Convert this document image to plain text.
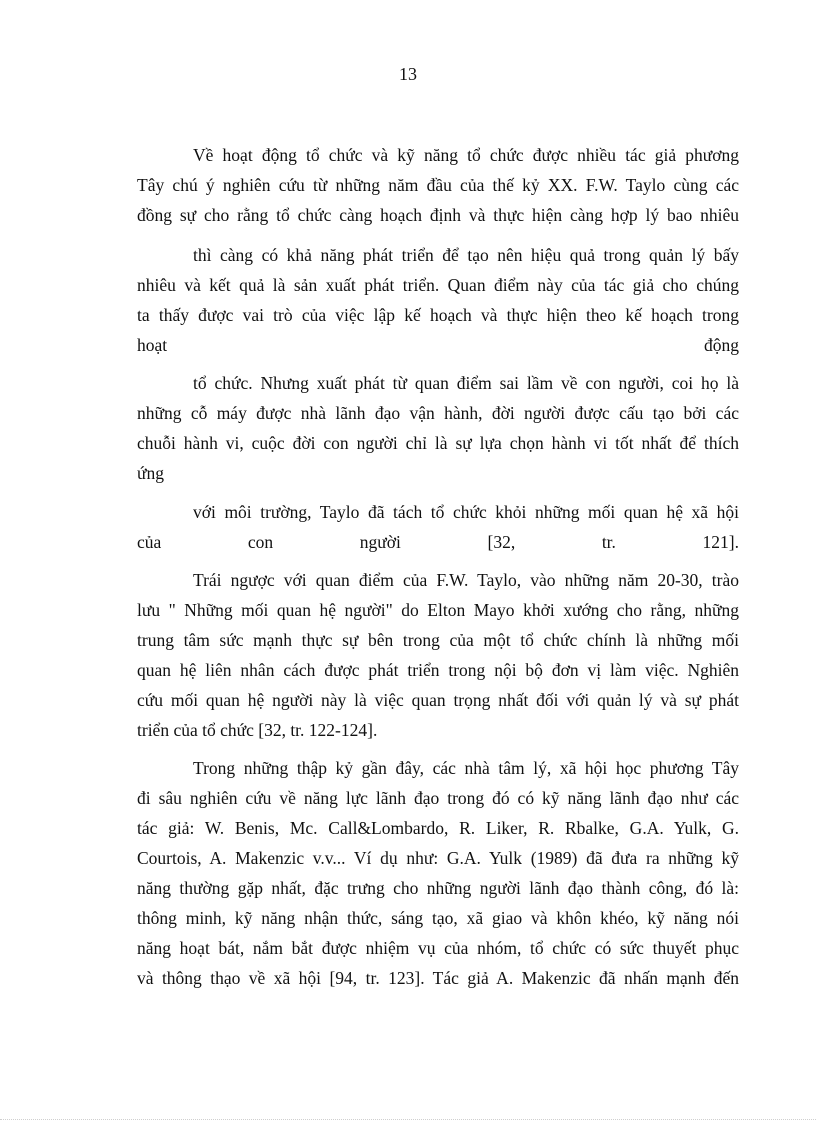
13
Về hoạt động tổ chức và kỹ năng tổ chức được nhiều tác giả phương
Tây chú ý nghiên cứu từ những năm đầu của thế kỷ XX. F.W. Taylo cùng các
đồng sự cho rằng tổ chức càng hoạch định và thực hiện càng hợp lý bao nhiêu
thì càng có khả năng phát triển để tạo nên hiệu quả trong quản lý bấy
nhiêu và kết quả là sản xuất phát triển. Quan điểm này của tác giả cho chúng
ta thấy được vai trò của việc lập kế hoạch và thực hiện theo kế hoạch trong
hoạt động
tổ chức. Nhưng xuất phát từ quan điểm sai lầm về con người, coi họ là
những cỗ máy được nhà lãnh đạo vận hành, đời người được cấu tạo bởi các
chuỗi hành vi, cuộc đời con người chỉ là sự lựa chọn hành vi tốt nhất để thích
ứng
với môi trường, Taylo đã tách tổ chức khỏi những mối quan hệ xã hội
của con người [32, tr. 121].
Trái ngược với quan điểm của F.W. Taylo, vào những năm 20-30, trào
lưu " Những mối quan hệ người" do Elton Mayo khởi xướng cho rằng, những
trung tâm sức mạnh thực sự bên trong của một tổ chức chính là những mối
quan hệ liên nhân cách được phát triển trong nội bộ đơn vị làm việc. Nghiên
cứu mối quan hệ người này là việc quan trọng nhất đối với quản lý và sự phát
triển của tổ chức [32, tr. 122-124].
Trong những thập kỷ gần đây, các nhà tâm lý, xã hội học phương Tây
đi sâu nghiên cứu về năng lực lãnh đạo trong đó có kỹ năng lãnh đạo như các
tác giả: W. Benis, Mc. Call&Lombardo, R. Liker, R. Rbalke, G.A. Yulk, G.
Courtois, A. Makenzic v.v... Ví dụ như: G.A. Yulk (1989) đã đưa ra những kỹ
năng thường gặp nhất, đặc trưng cho những người lãnh đạo thành công, đó là:
thông minh, kỹ năng nhận thức, sáng tạo, xã giao và khôn khéo, kỹ năng nói
năng hoạt bát, nắm bắt được nhiệm vụ của nhóm, tổ chức có sức thuyết phục
và thông thạo về xã hội [94, tr. 123]. Tác giả A. Makenzic đã nhấn mạnh đến
